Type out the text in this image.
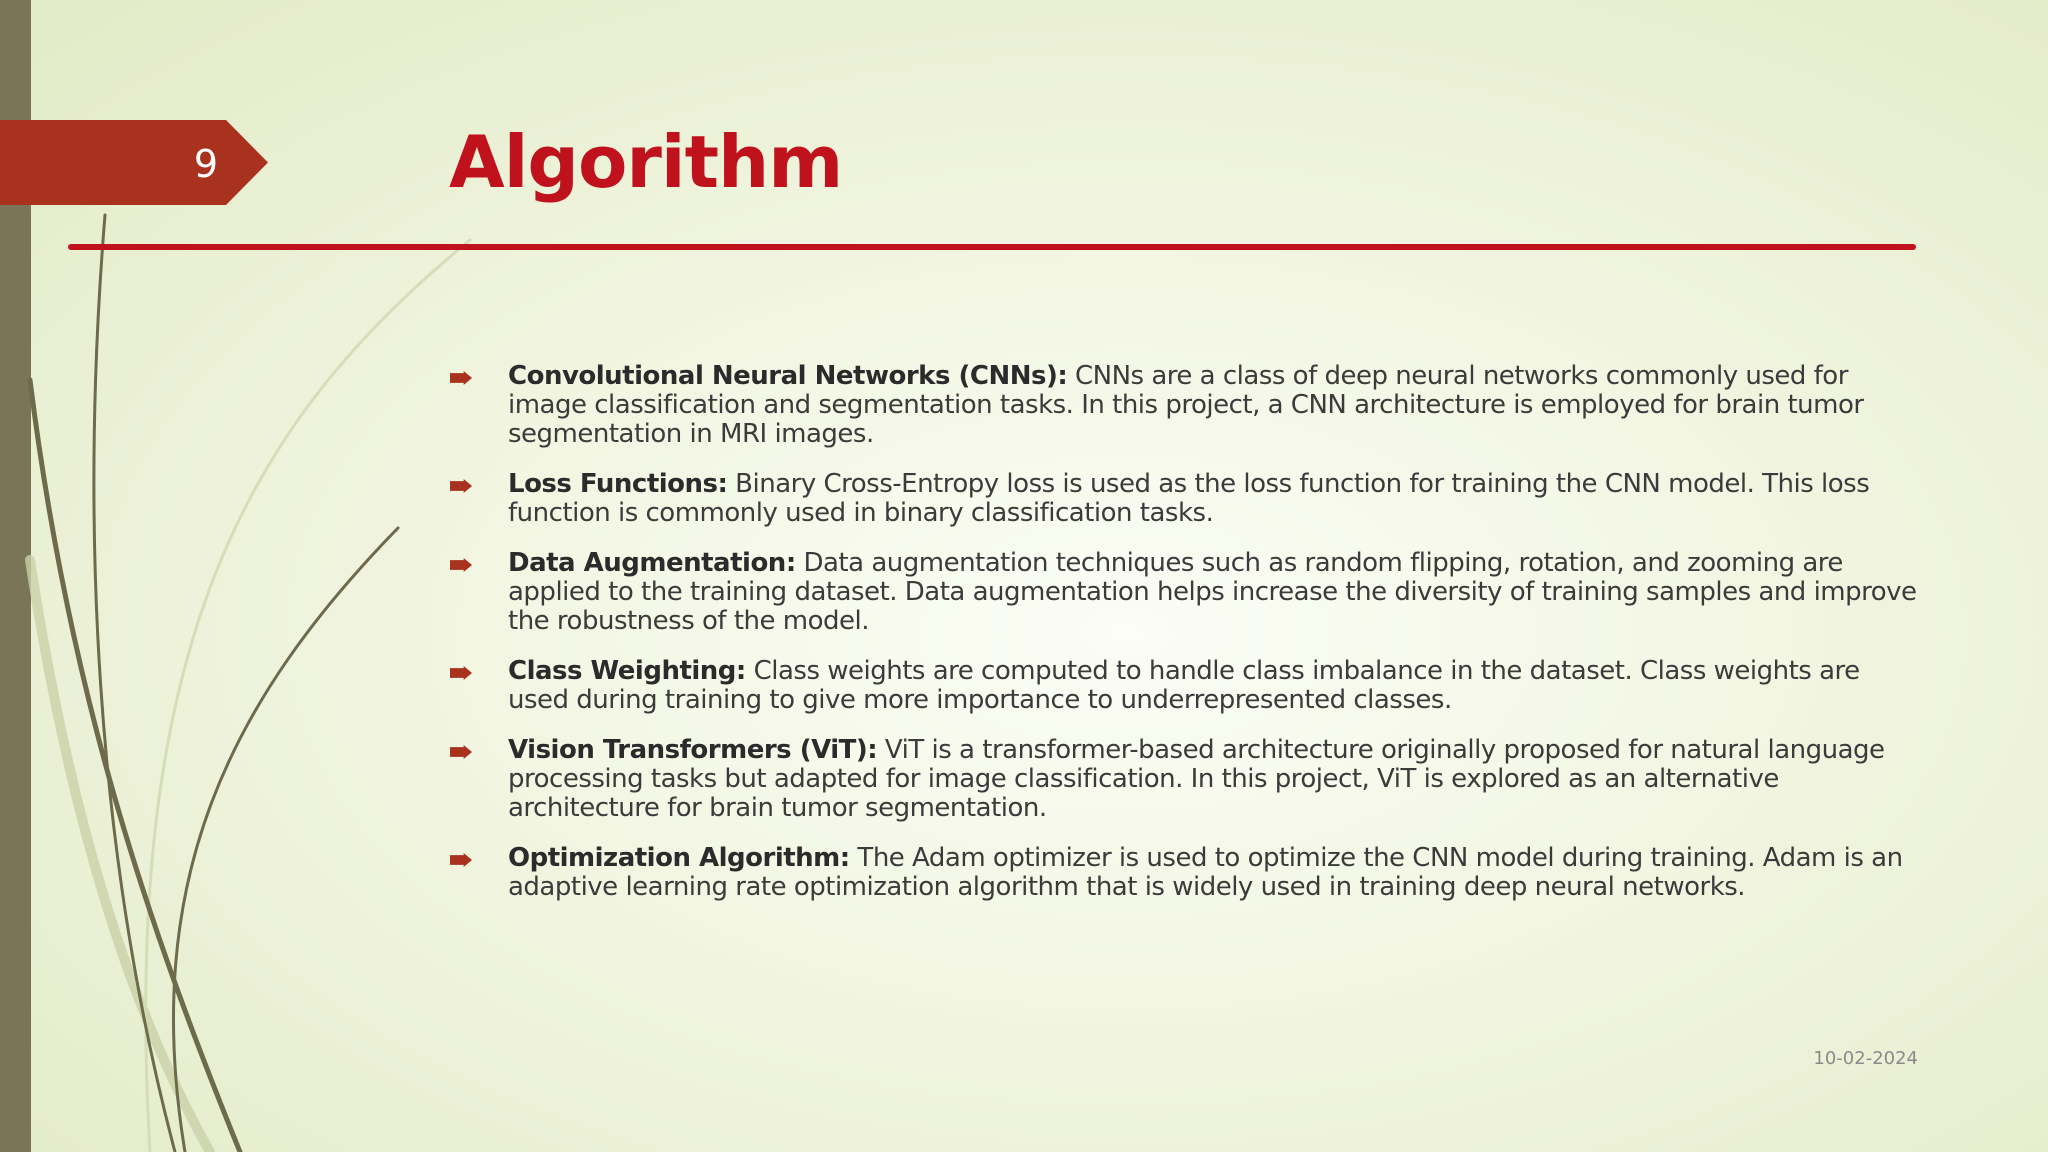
9	Algorithm
Convolutional Neural Networks (CNNs): CNNs are a class of deep neural networks commonly used for image classification and segmentation tasks. In this project, a CNN architecture is employed for brain tumor segmentation in MRI images.
Loss Functions: Binary Cross-Entropy loss is used as the loss function for training the CNN model. This loss function is commonly used in binary classification tasks.
Data Augmentation: Data augmentation techniques such as random flipping, rotation, and zooming are applied to the training dataset. Data augmentation helps increase the diversity of training samples and improve the robustness of the model.
Class Weighting: Class weights are computed to handle class imbalance in the dataset. Class weights are used during training to give more importance to underrepresented classes.
Vision Transformers (ViT): ViT is a transformer-based architecture originally proposed for natural language processing tasks but adapted for image classification. In this project, ViT is explored as an alternative architecture for brain tumor segmentation.
Optimization Algorithm: The Adam optimizer is used to optimize the CNN model during training. Adam is an adaptive learning rate optimization algorithm that is widely used in training deep neural networks.
10-02-2024
